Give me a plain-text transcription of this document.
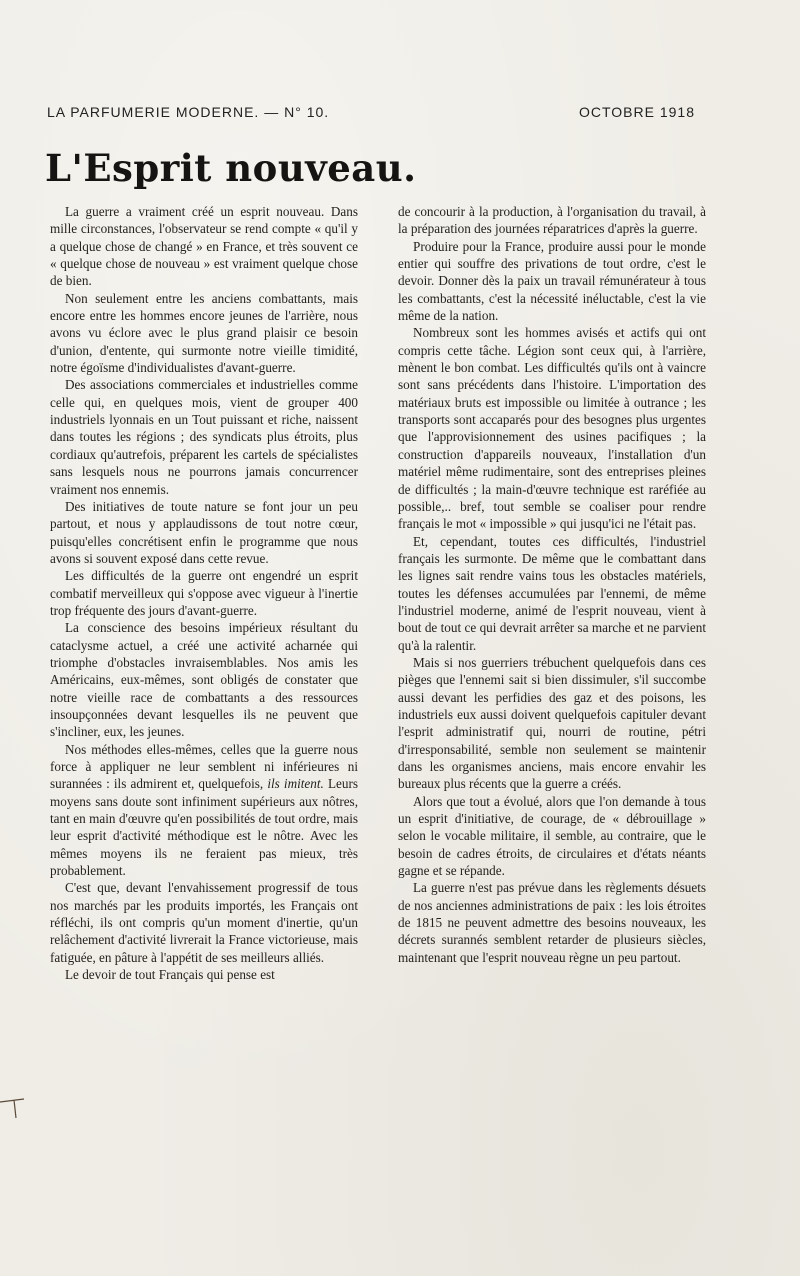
LA PARFUMERIE MODERNE. — N° 10.	OCTOBRE 1918
L'Esprit nouveau.

La guerre a vraiment créé un esprit nouveau. Dans mille circonstances, l'observateur se rend compte « qu'il y a quelque chose de changé » en France, et très souvent ce « quelque chose de nouveau » est vraiment quelque chose de bien.

Non seulement entre les anciens combattants, mais encore entre les hommes encore jeunes de l'arrière, nous avons vu éclore avec le plus grand plaisir ce besoin d'union, d'entente, qui surmonte notre vieille timidité, notre égoïsme d'individualistes d'avant-guerre.

Des associations commerciales et industrielles comme celle qui, en quelques mois, vient de grouper 400 industriels lyonnais en un Tout puissant et riche, naissent dans toutes les régions ; des syndicats plus étroits, plus cordiaux qu'autrefois, préparent les cartels de spécialistes sans lesquels nous ne pourrons jamais concurrencer vraiment nos ennemis.

Des initiatives de toute nature se font jour un peu partout, et nous y applaudissons de tout notre cœur, puisqu'elles concrétisent enfin le programme que nous avons si souvent exposé dans cette revue.

Les difficultés de la guerre ont engendré un esprit combatif merveilleux qui s'oppose avec vigueur à l'inertie trop fréquente des jours d'avant-guerre.

La conscience des besoins impérieux résultant du cataclysme actuel, a créé une activité acharnée qui triomphe d'obstacles invraisemblables. Nos amis les Américains, eux-mêmes, sont obligés de constater que notre vieille race de combattants a des ressources insoupçonnées devant lesquelles ils ne peuvent que s'incliner, eux, les jeunes.

Nos méthodes elles-mêmes, celles que la guerre nous force à appliquer ne leur semblent ni inférieures ni surannées : ils admirent et, quelquefois, ils imitent. Leurs moyens sans doute sont infiniment supérieurs aux nôtres, tant en main d'œuvre qu'en possibilités de tout ordre, mais leur esprit d'activité méthodique est le nôtre. Avec les mêmes moyens ils ne feraient pas mieux, très probablement.

C'est que, devant l'envahissement progressif de tous nos marchés par les produits importés, les Français ont réfléchi, ils ont compris qu'un moment d'inertie, qu'un relâchement d'activité livrerait la France victorieuse, mais fatiguée, en pâture à l'appétit de ses meilleurs alliés.

Le devoir de tout Français qui pense est

de concourir à la production, à l'organisation du travail, à la préparation des journées réparatrices d'après la guerre.

Produire pour la France, produire aussi pour le monde entier qui souffre des privations de tout ordre, c'est le devoir. Donner dès la paix un travail rémunérateur à tous les combattants, c'est la nécessité inéluctable, c'est la vie même de la nation.

Nombreux sont les hommes avisés et actifs qui ont compris cette tâche. Légion sont ceux qui, à l'arrière, mènent le bon combat. Les difficultés qu'ils ont à vaincre sont sans précédents dans l'histoire. L'importation des matériaux bruts est impossible ou limitée à outrance ; les transports sont accaparés pour des besognes plus urgentes que l'approvisionnement des usines pacifiques ; la construction d'appareils nouveaux, l'installation d'un matériel même rudimentaire, sont des entreprises pleines de difficultés ; la main-d'œuvre technique est raréfiée au possible,.. bref, tout semble se coaliser pour rendre français le mot « impossible » qui jusqu'ici ne l'était pas.

Et, cependant, toutes ces difficultés, l'industriel français les surmonte. De même que le combattant dans les lignes sait rendre vains tous les obstacles matériels, toutes les défenses accumulées par l'ennemi, de même l'industriel moderne, animé de l'esprit nouveau, vient à bout de tout ce qui devrait arrêter sa marche et ne parvient qu'à la ralentir.

Mais si nos guerriers trébuchent quelquefois dans ces pièges que l'ennemi sait si bien dissimuler, s'il succombe aussi devant les perfidies des gaz et des poisons, les industriels eux aussi doivent quelquefois capituler devant l'esprit administratif qui, nourri de routine, pétri d'irresponsabilité, semble non seulement se maintenir dans les organismes anciens, mais encore envahir les bureaux plus récents que la guerre a créés.

Alors que tout a évolué, alors que l'on demande à tous un esprit d'initiative, de courage, de « débrouillage » selon le vocable militaire, il semble, au contraire, que le besoin de cadres étroits, de circulaires et d'états néants gagne et se répande.

La guerre n'est pas prévue dans les règlements désuets de nos anciennes administrations de paix : les lois étroites de 1815 ne peuvent admettre des besoins nouveaux, les décrets surannés semblent retarder de plusieurs siècles, maintenant que l'esprit nouveau règne un peu partout.
